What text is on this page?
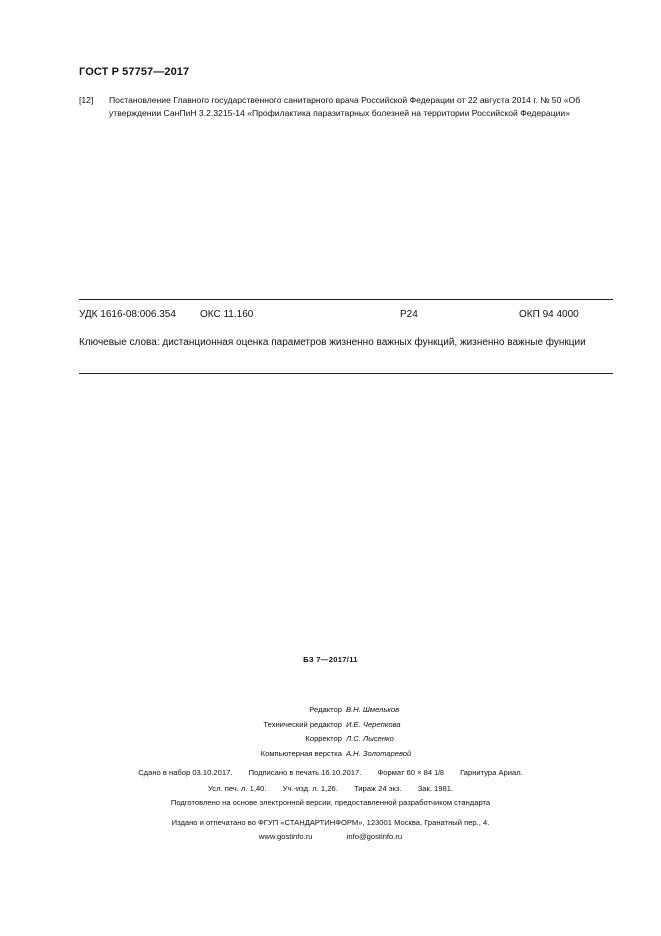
ГОСТ Р 57757—2017
[12]	Постановление Главного государственного санитарного врача Российской Федерации от 22 августа 2014 г. № 50 «Об утверждении СанПиН 3.2.3215-14 «Профилактика паразитарных болезней на территории Российской Федерации»
УДК 1616-08:006.354 ОКС 11.160	Р24	ОКП 94 4000
Ключевые слова: дистанционная оценка параметров жизненно важных функций, жизненно важные функции
БЗ 7—2017/11
Редактор В.Н. Шмельков
Технический редактор И.Е. Черепкова
Корректор Л.С. Лысенко
Компьютерная верстка А.Н. Золотаревой
Сдано в набор 03.10.2017. Подписано в печать 16.10.2017. Формат 60 × 84 1/8 Гарнитура Ариал.
Усл. печ. л. 1,40. Уч.-изд. л. 1,26. Тираж 24 экз. Зак. 1981.
Подготовлено на основе электронной версии, предоставленной разработчиком стандарта
Издано и отпечатано во ФГУП «СТАНДАРТИНФОРМ», 123001 Москва, Гранатный пер., 4.
www.gostinfo.ru	info@gostinfo.ru
